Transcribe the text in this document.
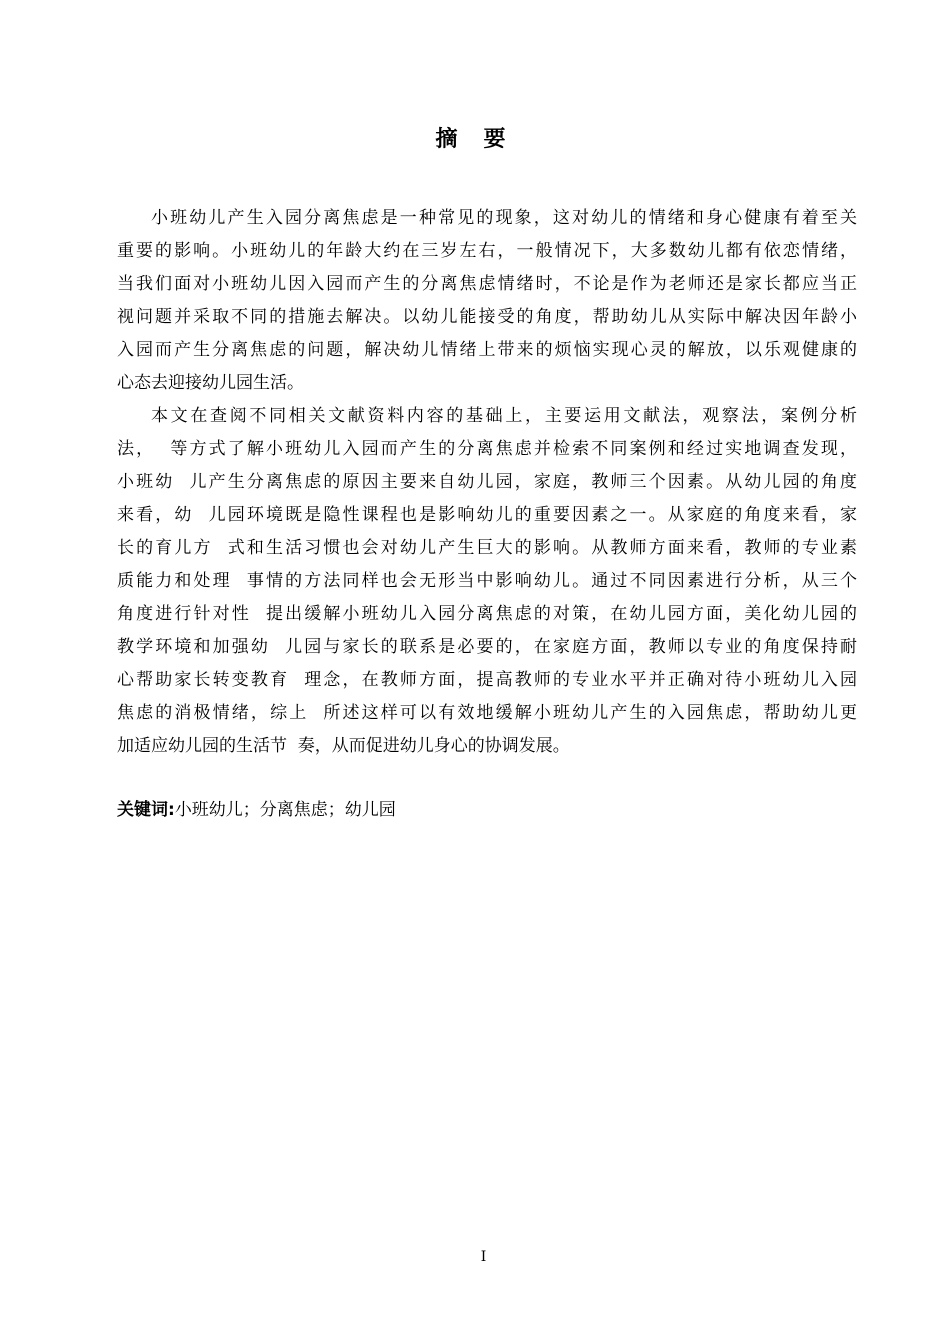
摘要
小班幼儿产生入园分离焦虑是一种常见的现象，这对幼儿的情绪和身心健康有着至关
重要的影响。小班幼儿的年龄大约在三岁左右，一般情况下，大多数幼儿都有依恋情绪，
当我们面对小班幼儿因入园而产生的分离焦虑情绪时，不论是作为老师还是家长都应当正
视问题并采取不同的措施去解决。以幼儿能接受的角度，帮助幼儿从实际中解决因年龄小
入园而产生分离焦虑的问题，解决幼儿情绪上带来的烦恼实现心灵的解放，以乐观健康的
心态去迎接幼儿园生活。
本文在查阅不同相关文献资料内容的基础上，主要运用文献法，观察法，案例分析
法，  等方式了解小班幼儿入园而产生的分离焦虑并检索不同案例和经过实地调查发现，
小班幼  儿产生分离焦虑的原因主要来自幼儿园，家庭，教师三个因素。从幼儿园的角度
来看，幼  儿园环境既是隐性课程也是影响幼儿的重要因素之一。从家庭的角度来看，家
长的育儿方  式和生活习惯也会对幼儿产生巨大的影响。从教师方面来看，教师的专业素
质能力和处理  事情的方法同样也会无形当中影响幼儿。通过不同因素进行分析，从三个
角度进行针对性  提出缓解小班幼儿入园分离焦虑的对策，在幼儿园方面，美化幼儿园的
教学环境和加强幼  儿园与家长的联系是必要的，在家庭方面，教师以专业的角度保持耐
心帮助家长转变教育  理念，在教师方面，提高教师的专业水平并正确对待小班幼儿入园
焦虑的消极情绪，综上  所述这样可以有效地缓解小班幼儿产生的入园焦虑，帮助幼儿更
加适应幼儿园的生活节  奏，从而促进幼儿身心的协调发展。
关键词:小班幼儿；分离焦虑；幼儿园
I
